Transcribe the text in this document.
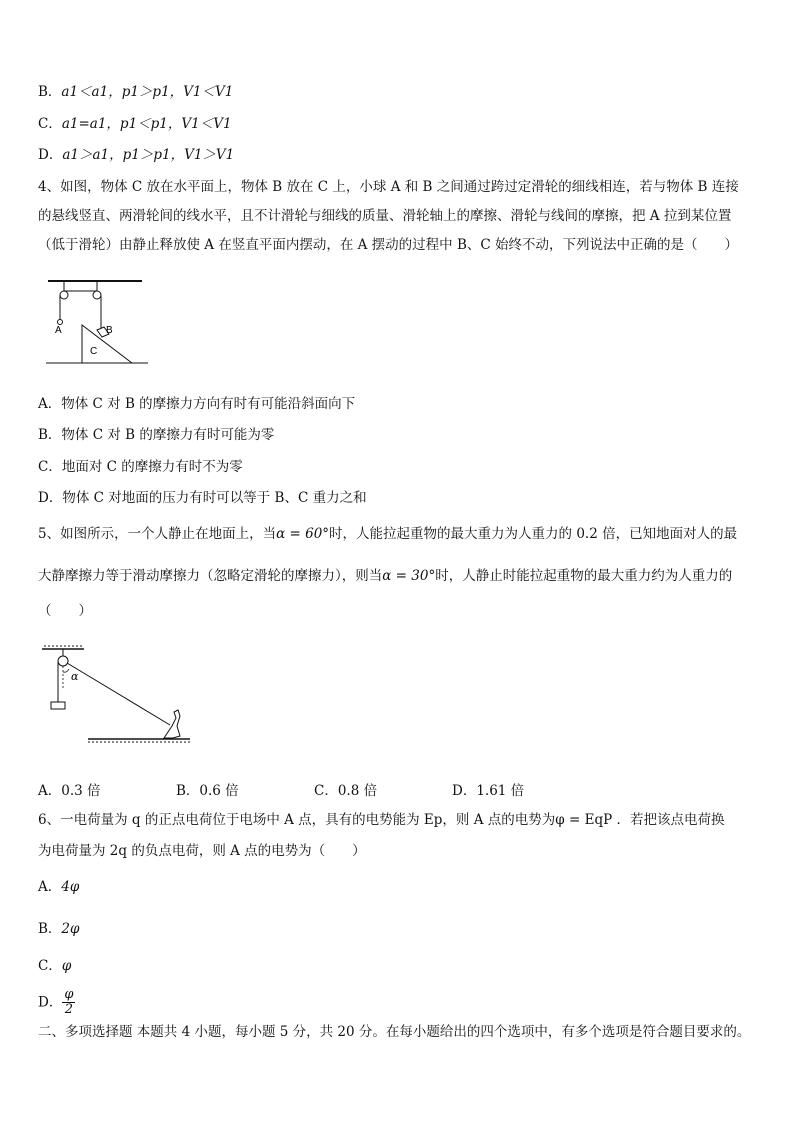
B．a1＜a1，p1＞p1，V1＜V1
C．a1=a1，p1＜p1，V1＜V1
D．a1＞a1，p1＞p1，V1＞V1
4、如图，物体 C 放在水平面上，物体 B 放在 C 上，小球 A 和 B 之间通过跨过定滑轮的细线相连，若与物体 B 连接
的悬线竖直、两滑轮间的线水平，且不计滑轮与细线的质量、滑轮轴上的摩擦、滑轮与线间的摩擦，把 A 拉到某位置
（低于滑轮）由静止释放使 A 在竖直平面内摆动，在 A 摆动的过程中 B、C 始终不动，下列说法中正确的是（　　）
A	B
C
A．物体 C 对 B 的摩擦力方向有时有可能沿斜面向下
B．物体 C 对 B 的摩擦力有时可能为零
C．地面对 C 的摩擦力有时不为零
D．物体 C 对地面的压力有时可以等于 B、C 重力之和
5、如图所示，一个人静止在地面上，当α = 60°时，人能拉起重物的最大重力为人重力的 0.2 倍，已知地面对人的最
大静摩擦力等于滑动摩擦力（忽略定滑轮的摩擦力），则当α = 30°时，人静止时能拉起重物的最大重力约为人重力的
（　　）
α
A．0.3 倍	B．0.6 倍	C．0.8 倍	D．1.61 倍
6、一电荷量为 q 的正点电荷位于电场中 A 点，具有的电势能为 Ep，则 A 点的电势为φ = EqP ．若把该点电荷换
为电荷量为 2q 的负点电荷，则 A 点的电势为（　　）
A．4φ
B．2φ
C．φ
D． $\frac{\varphi}{2}$
二、多项选择题 本题共 4 小题，每小题 5 分，共 20 分。在每小题给出的四个选项中，有多个选项是符合题目要求的。
